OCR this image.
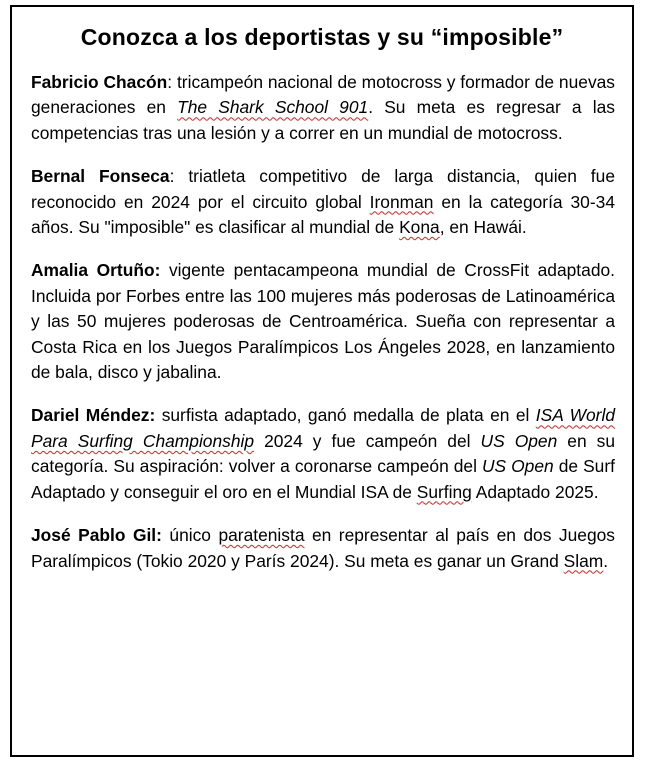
Conozca a los deportistas y su “imposible”

Fabricio Chacón: tricampeón nacional de motocross y formador de nuevas generaciones en The Shark School 901. Su meta es regresar a las competencias tras una lesión y a correr en un mundial de motocross.

Bernal Fonseca: triatleta competitivo de larga distancia, quien fue reconocido en 2024 por el circuito global Ironman en la categoría 30-34 años. Su "imposible" es clasificar al mundial de Kona, en Hawái.

Amalia Ortuño: vigente pentacampeona mundial de CrossFit adaptado. Incluida por Forbes entre las 100 mujeres más poderosas de Latinoamérica y las 50 mujeres poderosas de Centroamérica. Sueña con representar a Costa Rica en los Juegos Paralímpicos Los Ángeles 2028, en lanzamiento de bala, disco y jabalina.

Dariel Méndez: surfista adaptado, ganó medalla de plata en el ISA World Para Surfing Championship 2024 y fue campeón del US Open en su categoría. Su aspiración: volver a coronarse campeón del US Open de Surf Adaptado y conseguir el oro en el Mundial ISA de Surfing Adaptado 2025.

José Pablo Gil: único paratenista en representar al país en dos Juegos Paralímpicos (Tokio 2020 y París 2024). Su meta es ganar un Grand Slam.
